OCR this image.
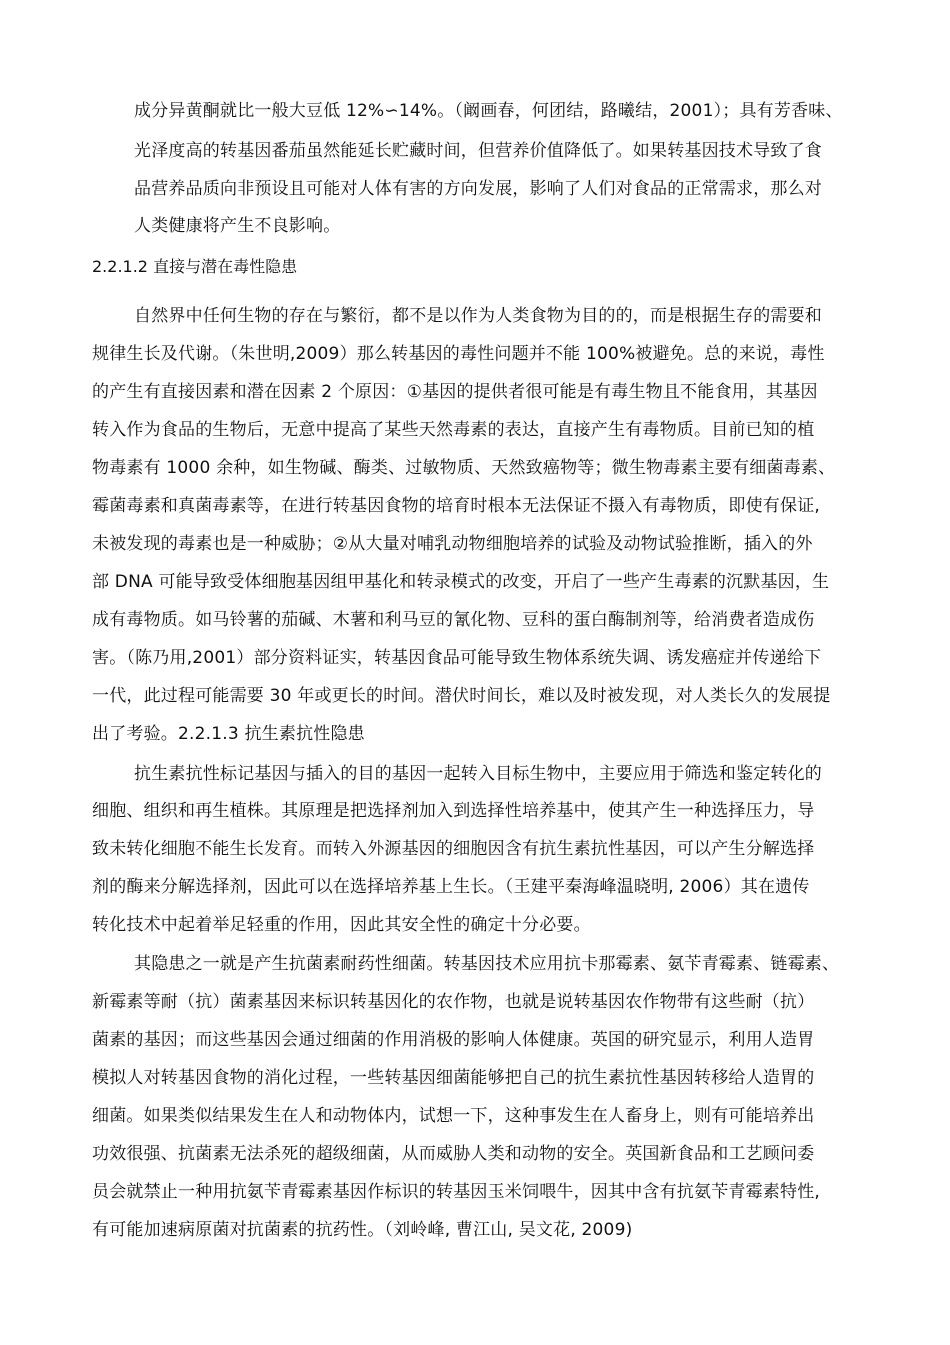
成分异黄酮就比一般大豆低 12%∽14%。（阚画春，何团结，路曦结，2001）；具有芳香味、
光泽度高的转基因番茄虽然能延长贮藏时间，但营养价值降低了。如果转基因技术导致了食
品营养品质向非预设且可能对人体有害的方向发展，影响了人们对食品的正常需求，那么对
人类健康将产生不良影响。
2.2.1.2 直接与潜在毒性隐患
自然界中任何生物的存在与繁衍，都不是以作为人类食物为目的的，而是根据生存的需要和
规律生长及代谢。（朱世明,2009）那么转基因的毒性问题并不能 100%被避免。总的来说，毒性
的产生有直接因素和潜在因素 2 个原因：①基因的提供者很可能是有毒生物且不能食用，其基因
转入作为食品的生物后，无意中提高了某些天然毒素的表达，直接产生有毒物质。目前已知的植
物毒素有 1000 余种，如生物碱、酶类、过敏物质、天然致癌物等；微生物毒素主要有细菌毒素、
霉菌毒素和真菌毒素等，在进行转基因食物的培育时根本无法保证不摄入有毒物质，即使有保证,
未被发现的毒素也是一种威胁；②从大量对哺乳动物细胞培养的试验及动物试验推断，插入的外
部 DNA 可能导致受体细胞基因组甲基化和转录模式的改变，开启了一些产生毒素的沉默基因，生
成有毒物质。如马铃薯的茄碱、木薯和利马豆的氰化物、豆科的蛋白酶制剂等，给消费者造成伤
害。（陈乃用,2001）部分资料证实，转基因食品可能导致生物体系统失调、诱发癌症并传递给下
一代，此过程可能需要 30 年或更长的时间。潜伏时间长，难以及时被发现，对人类长久的发展提
出了考验。2.2.1.3 抗生素抗性隐患
抗生素抗性标记基因与插入的目的基因一起转入目标生物中，主要应用于筛选和鉴定转化的
细胞、组织和再生植株。其原理是把选择剂加入到选择性培养基中，使其产生一种选择压力，导
致未转化细胞不能生长发育。而转入外源基因的细胞因含有抗生素抗性基因，可以产生分解选择
剂的酶来分解选择剂，因此可以在选择培养基上生长。（王建平秦海峰温晓明, 2006）其在遗传
转化技术中起着举足轻重的作用，因此其安全性的确定十分必要。
其隐患之一就是产生抗菌素耐药性细菌。转基因技术应用抗卡那霉素、氨苄青霉素、链霉素、
新霉素等耐（抗）菌素基因来标识转基因化的农作物，也就是说转基因农作物带有这些耐（抗）
菌素的基因；而这些基因会通过细菌的作用消极的影响人体健康。英国的研究显示，利用人造胃
模拟人对转基因食物的消化过程，一些转基因细菌能够把自己的抗生素抗性基因转移给人造胃的
细菌。如果类似结果发生在人和动物体内，试想一下，这种事发生在人畜身上，则有可能培养出
功效很强、抗菌素无法杀死的超级细菌，从而威胁人类和动物的安全。英国新食品和工艺顾问委
员会就禁止一种用抗氨苄青霉素基因作标识的转基因玉米饲喂牛，因其中含有抗氨苄青霉素特性,
有可能加速病原菌对抗菌素的抗药性。（刘岭峰, 曹江山, 吴文花, 2009)
